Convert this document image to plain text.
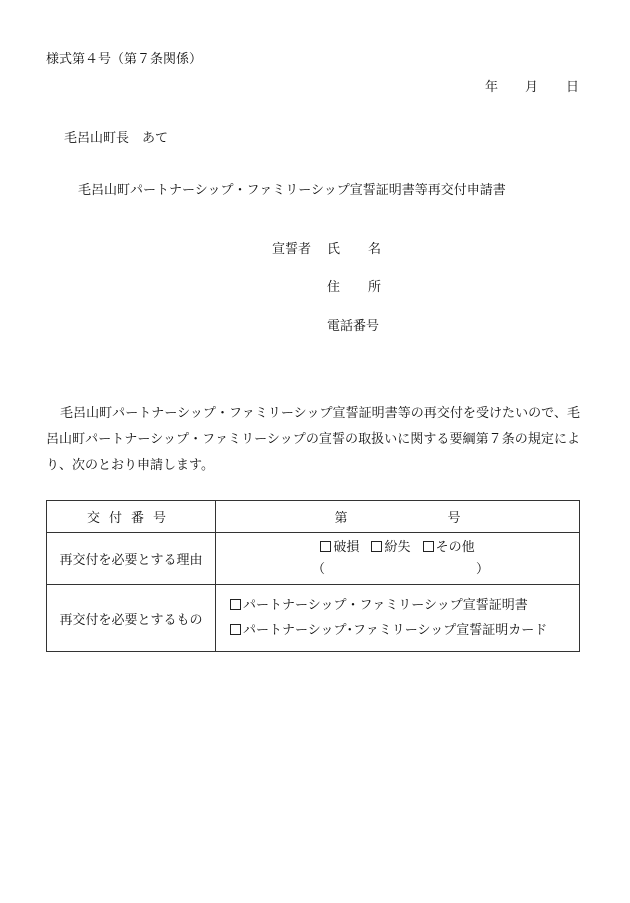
様式第４号（第７条関係）
年 月 日
毛呂山町長　あて
毛呂山町パートナーシップ・ファミリーシップ宣誓証明書等再交付申請書
宣誓者 氏名
住所
電話番号
毛呂山町パートナーシップ・ファミリーシップ宣誓証明書等の再交付を受けたいので、毛呂山町パートナーシップ・ファミリーシップの宣誓の取扱いに関する要綱第７条の規定により、次のとおり申請します。
交付番号	第 号
再交付を必要とする理由	破損 紛失 その他
（ ）

再交付を必要とするもの	パートナーシップ・ファミリーシップ宣誓証明書
パートナーシップ･ファミリーシップ宣誓証明カード
